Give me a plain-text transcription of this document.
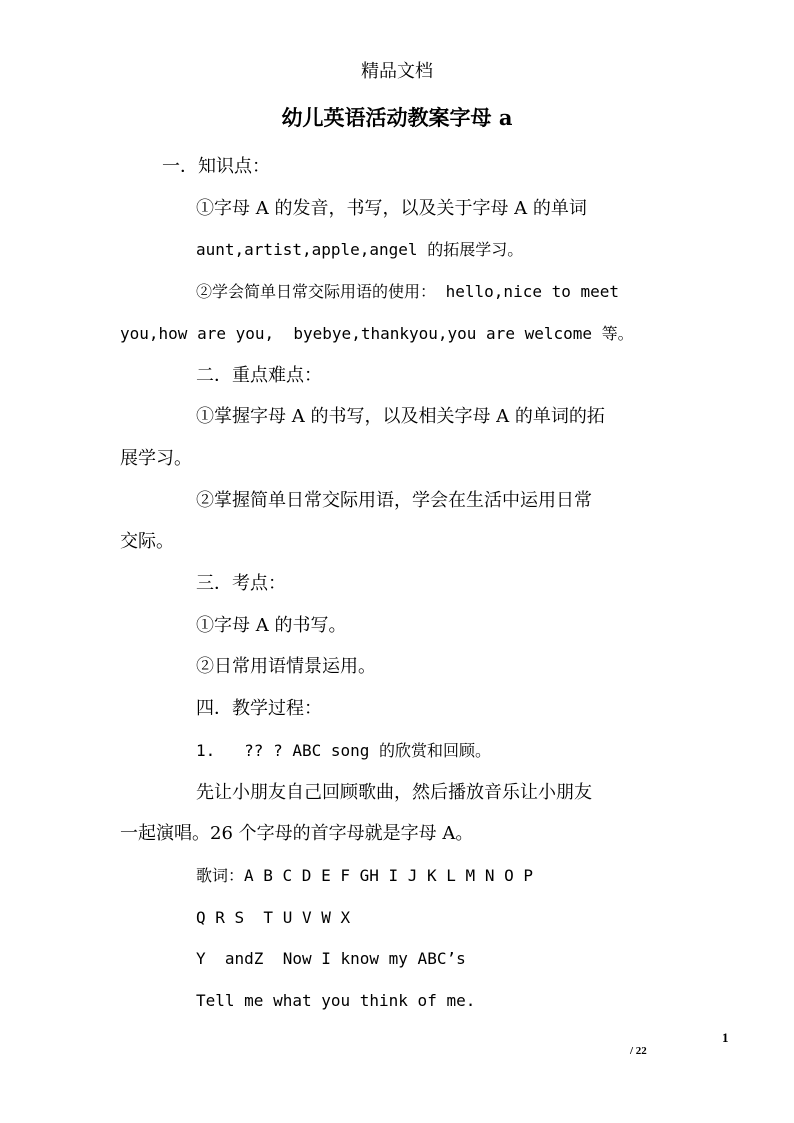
精品文档
幼儿英语活动教案字母 a
一．知识点：
①字母 A 的发音，书写，以及关于字母 A 的单词
aunt,artist,apple,angel 的拓展学习。
②学会简单日常交际用语的使用： hello,nice to meet
you,how are you,  byebye,thankyou,you are welcome 等。
二．重点难点：
①掌握字母 A 的书写，以及相关字母 A 的单词的拓
展学习。
②掌握简单日常交际用语，学会在生活中运用日常
交际。
三．考点：
①字母 A 的书写。
②日常用语情景运用。
四．教学过程：
1.   ?? ? ABC song 的欣赏和回顾。
先让小朋友自己回顾歌曲，然后播放音乐让小朋友
一起演唱。26 个字母的首字母就是字母 A。
歌词：A B C D E F GH I J K L M N O P
Q R S  T U V W X
Y  andZ  Now I know my ABC’s
Tell me what you think of me.
1
/ 22
